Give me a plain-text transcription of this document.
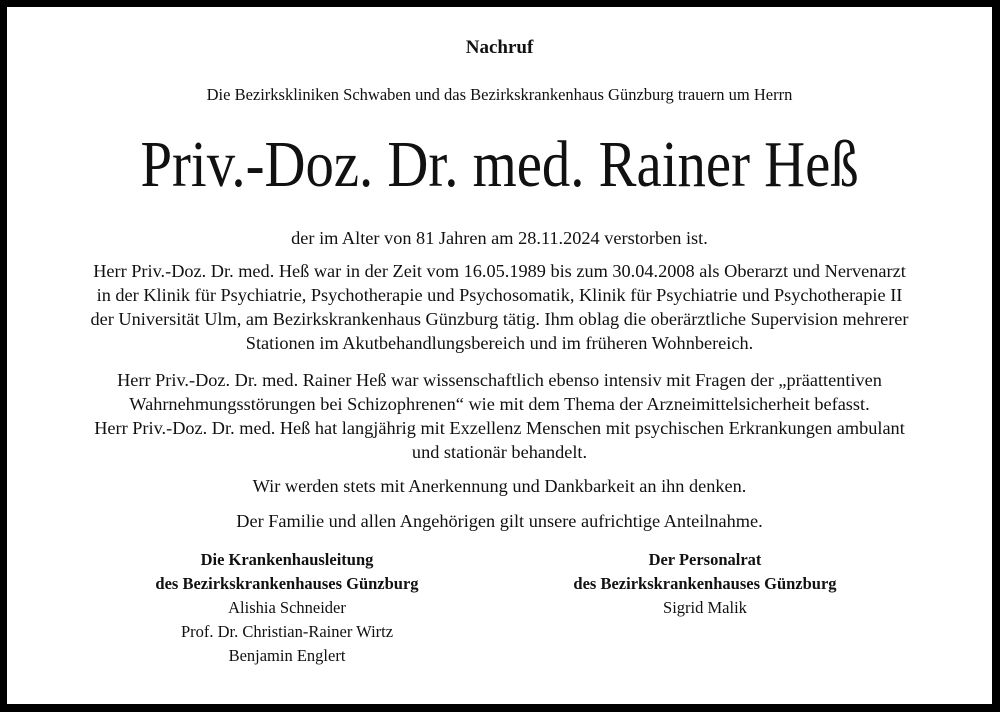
Nachruf
Die Bezirkskliniken Schwaben und das Bezirkskrankenhaus Günzburg trauern um Herrn
Priv.-Doz. Dr. med. Rainer Heß
der im Alter von 81 Jahren am 28.11.2024 verstorben ist.
Herr Priv.-Doz. Dr. med. Heß war in der Zeit vom 16.05.1989 bis zum 30.04.2008 als Oberarzt und Nervenarzt
in der Klinik für Psychiatrie, Psychotherapie und Psychosomatik, Klinik für Psychiatrie und Psychotherapie II
der Universität Ulm, am Bezirkskrankenhaus Günzburg tätig. Ihm oblag die oberärztliche Supervision mehrerer
Stationen im Akutbehandlungsbereich und im früheren Wohnbereich.
Herr Priv.-Doz. Dr. med. Rainer Heß war wissenschaftlich ebenso intensiv mit Fragen der „präattentiven
Wahrnehmungsstörungen bei Schizophrenen“ wie mit dem Thema der Arzneimittelsicherheit befasst.
Herr Priv.-Doz. Dr. med. Heß hat langjährig mit Exzellenz Menschen mit psychischen Erkrankungen ambulant
und stationär behandelt.
Wir werden stets mit Anerkennung und Dankbarkeit an ihn denken.
Der Familie und allen Angehörigen gilt unsere aufrichtige Anteilnahme.
Die Krankenhausleitung
des Bezirkskrankenhauses Günzburg
Alishia Schneider
Prof. Dr. Christian-Rainer Wirtz
Benjamin Englert
Der Personalrat
des Bezirkskrankenhauses Günzburg
Sigrid Malik
